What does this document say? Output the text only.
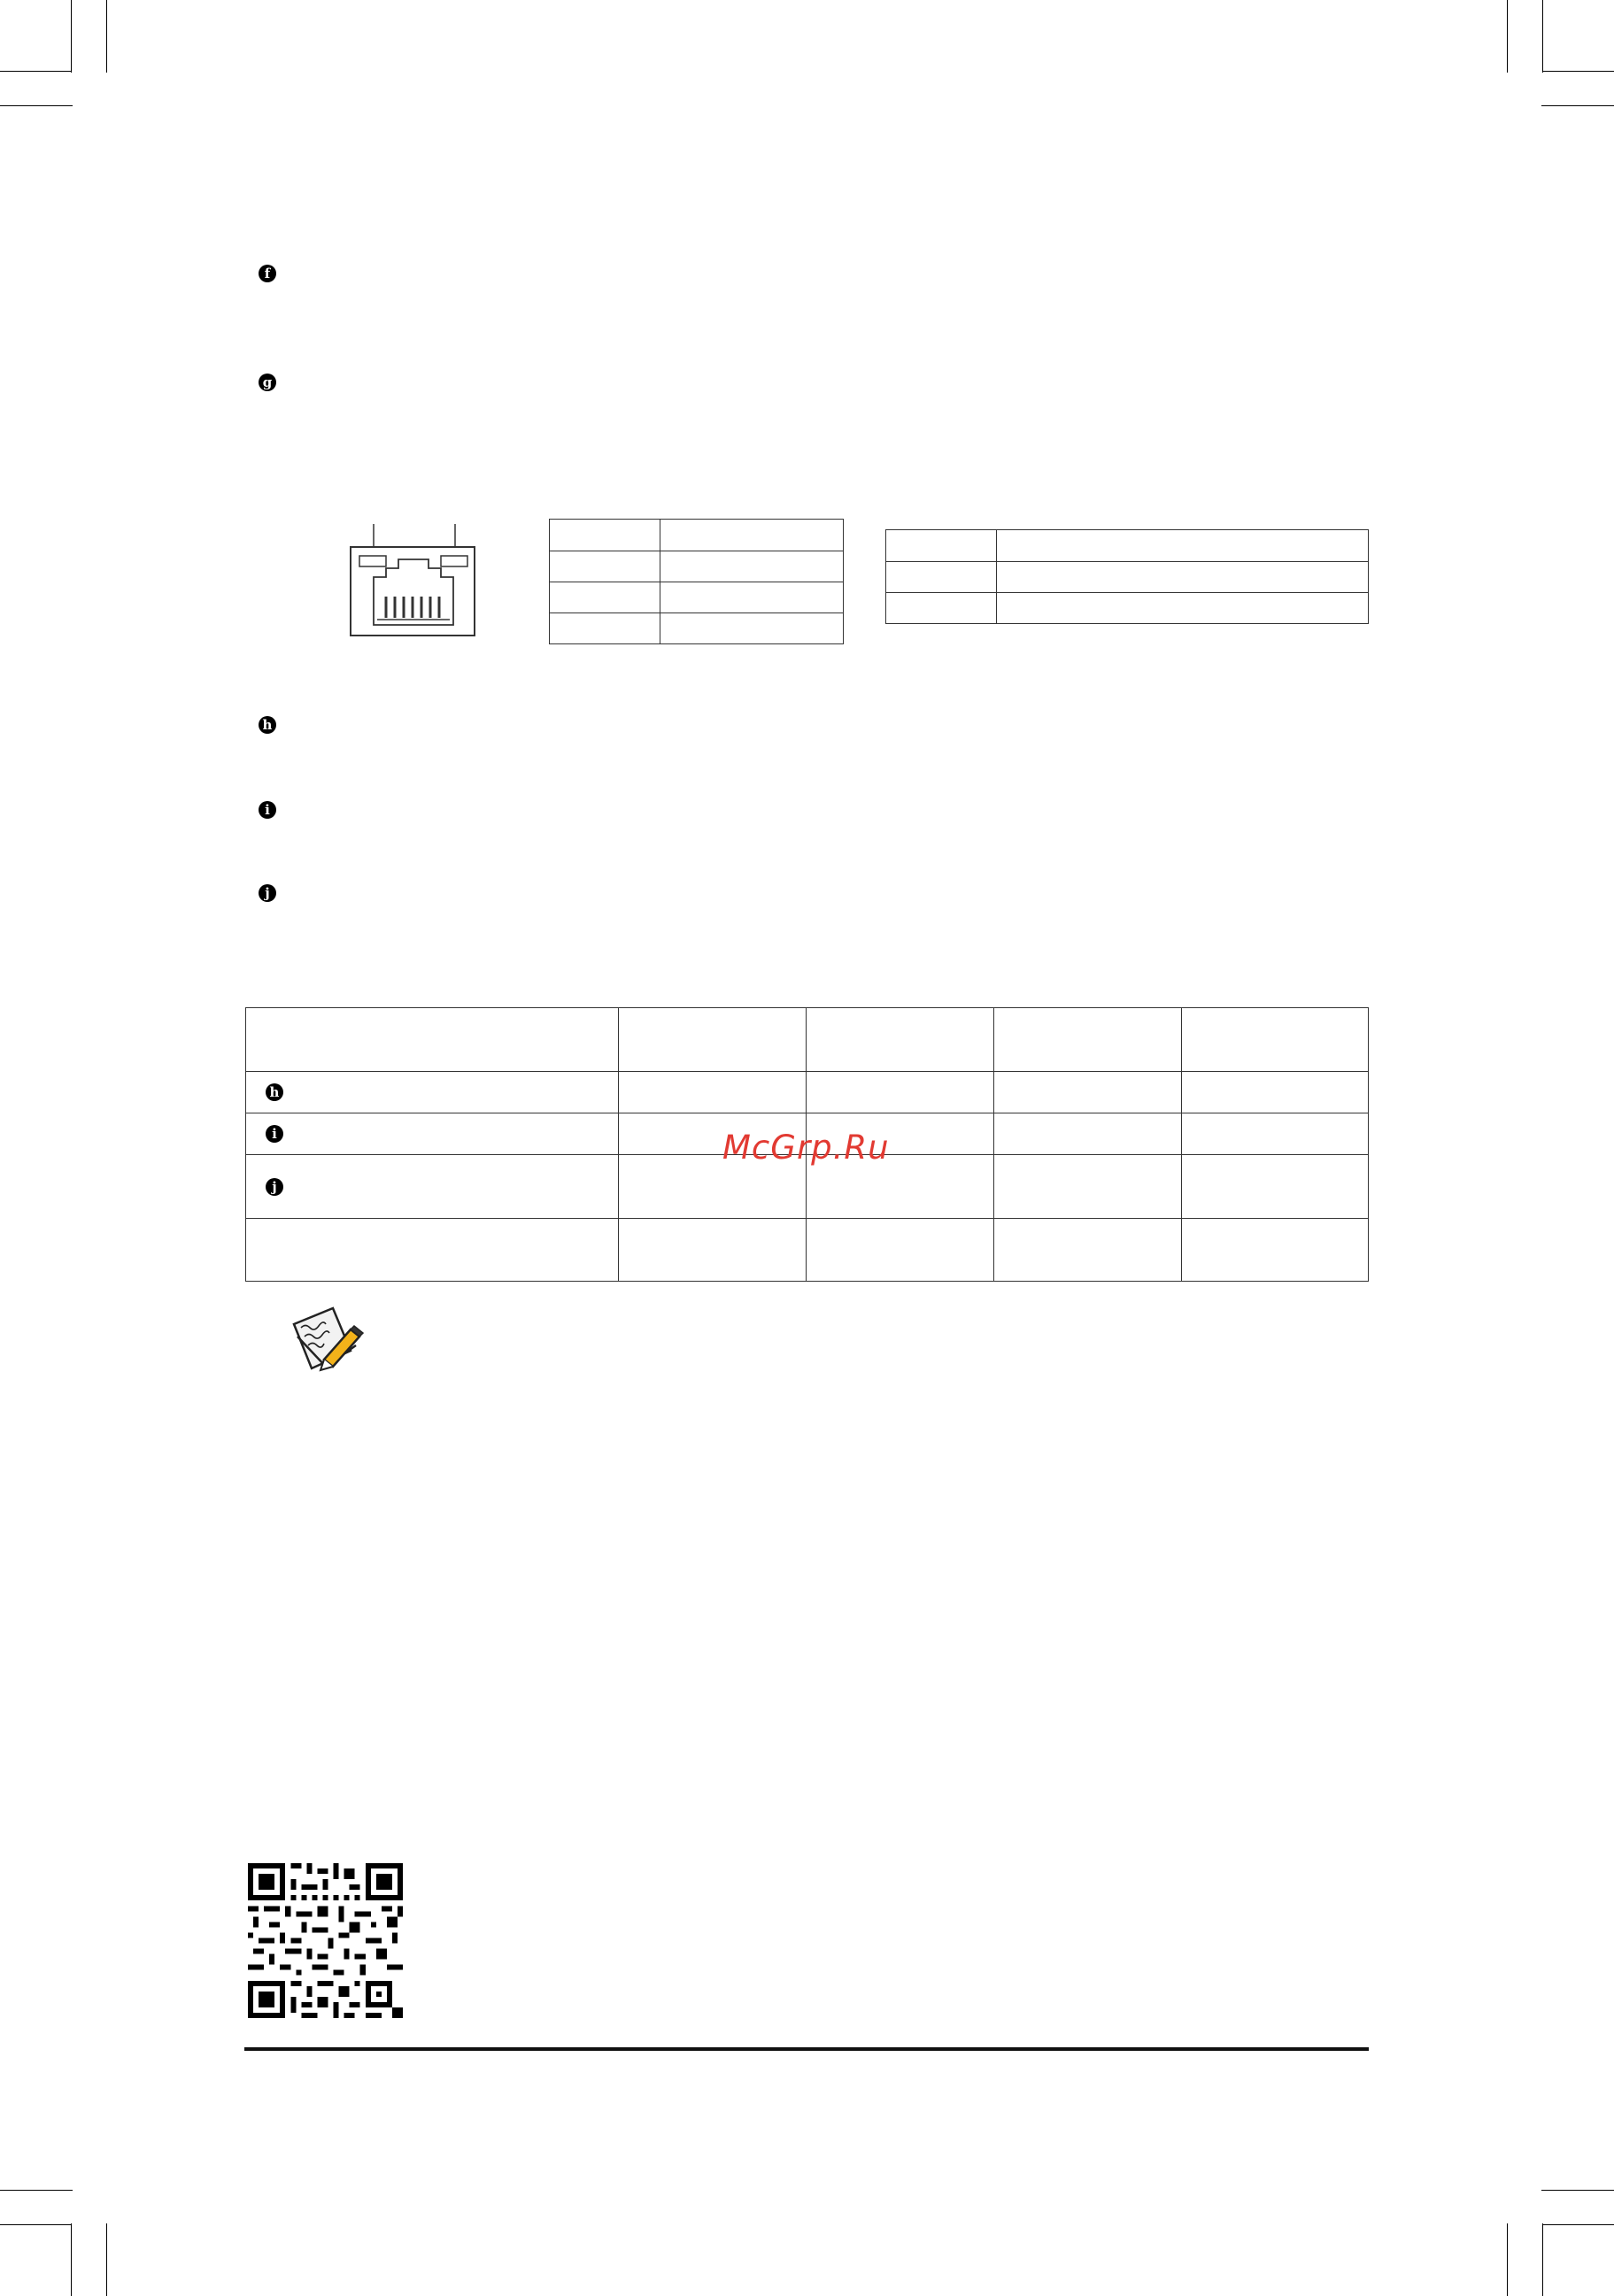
f
g

h
i
j

h				

i				

j				

McGrp.Ru
